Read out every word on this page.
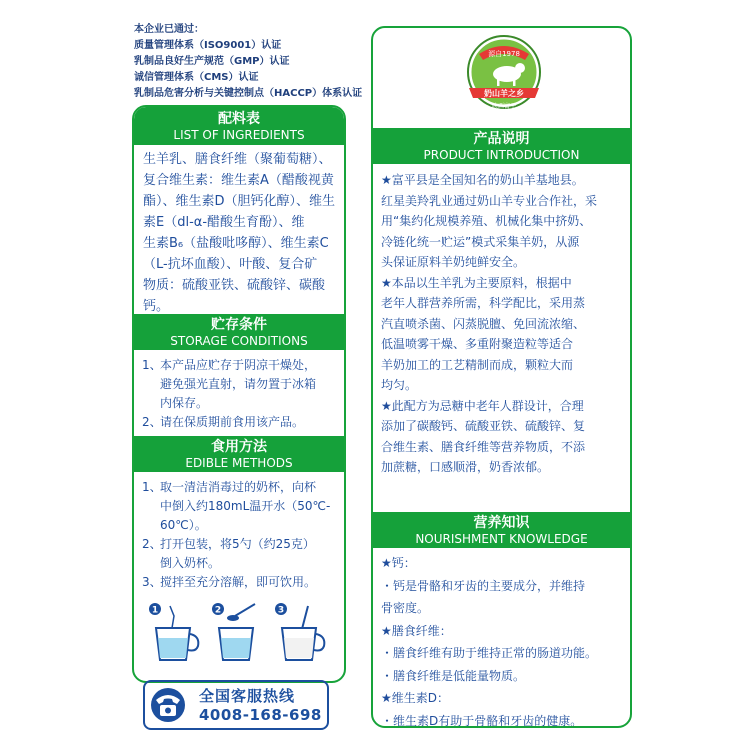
本企业已通过：
质量管理体系（ISO9001）认证
乳制品良好生产规范（GMP）认证
诚信管理体系（CMS）认证
乳制品危害分析与关键控制点（HACCP）体系认证
配料表
LIST OF INGREDIENTS
生羊乳、膳食纤维（聚葡萄糖）、
复合维生素：维生素A（醋酸视黄
酯）、维生素D（胆钙化醇）、维生
素E（dl-α-醋酸生育酚）、维
生素B₆（盐酸吡哆醇）、维生素C
（L-抗坏血酸）、叶酸、复合矿
物质：硫酸亚铁、硫酸锌、碳酸
钙。
贮存条件
STORAGE CONDITIONS
1、
本产品应贮存于阴凉干燥处，
避免强光直射，请勿置于冰箱
内保存。
2、
请在保质期前食用该产品。
食用方法
EDIBLE METHODS
1、
取一清洁消毒过的奶杯，向杯
中倒入约180mL温开水（50℃-
60℃）。
2、
打开包装，将5勺（约25克）
倒入奶杯。
3、
搅拌至充分溶解，即可饮用。
1	2	3
全国客服热线
4008-168-698
源自1978
奶山羊之乡
陕西富平
产品说明
PRODUCT INTRODUCTION

★富平县是全国知名的奶山羊基地县。

红星美羚乳业通过奶山羊专业合作社，采

用“集约化规模养殖、机械化集中挤奶、

冷链化统一贮运”模式采集羊奶，从源

头保证原料羊奶纯鲜安全。

★本品以生羊乳为主要原料，根据中

老年人群营养所需，科学配比，采用蒸

汽直喷杀菌、闪蒸脱膻、免回流浓缩、

低温喷雾干燥、多重附聚造粒等适合

羊奶加工的工艺精制而成，颗粒大而

均匀。

★此配方为忌糖中老年人群设计，合理

添加了碳酸钙、硫酸亚铁、硫酸锌、复

合维生素、膳食纤维等营养物质，不添

加蔗糖，口感顺滑，奶香浓郁。

营养知识
NOURISHMENT KNOWLEDGE
★钙：
・钙是骨骼和牙齿的主要成分，并维持
骨密度。
★膳食纤维：
・膳食纤维有助于维持正常的肠道功能。
・膳食纤维是低能量物质。
★维生素D：
・维生素D有助于骨骼和牙齿的健康。
